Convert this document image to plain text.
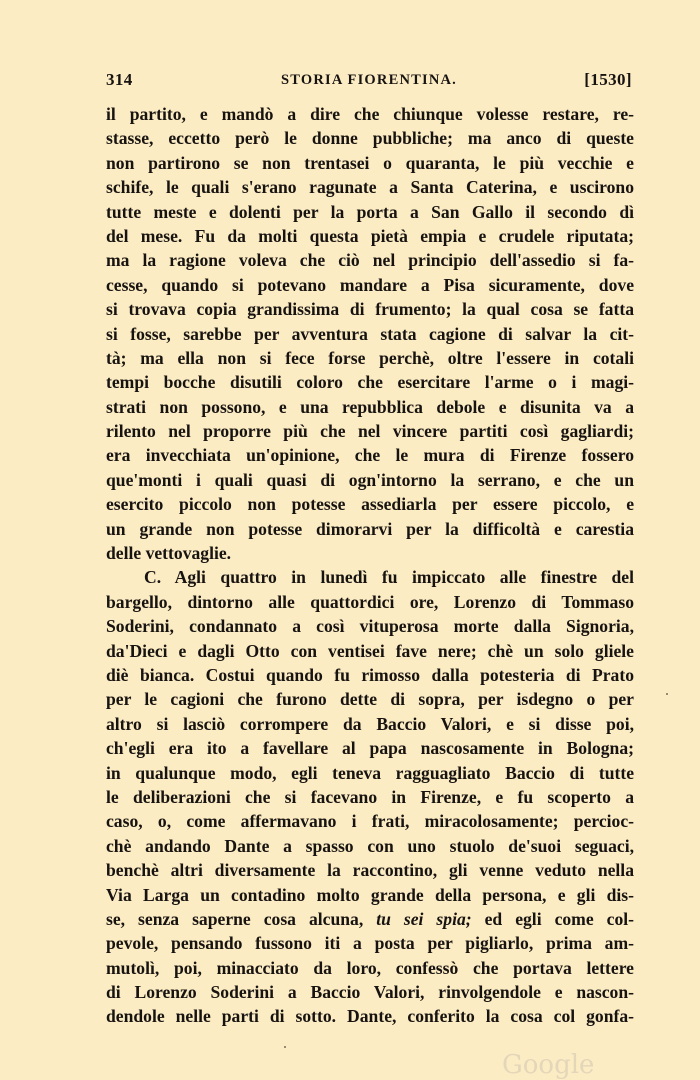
314	STORIA FIORENTINA.	[1530]
il partito, e mandò a dire che chiunque volesse restare, re-
stasse, eccetto però le donne pubbliche; ma anco di queste
non partirono se non trentasei o quaranta, le più vecchie e
schife, le quali s'erano ragunate a Santa Caterina, e uscirono
tutte meste e dolenti per la porta a San Gallo il secondo dì
del mese. Fu da molti questa pietà empia e crudele riputata;
ma la ragione voleva che ciò nel principio dell'assedio si fa-
cesse, quando si potevano mandare a Pisa sicuramente, dove
si trovava copia grandissima di frumento; la qual cosa se fatta
si fosse, sarebbe per avventura stata cagione di salvar la cit-
tà; ma ella non si fece forse perchè, oltre l'essere in cotali
tempi bocche disutili coloro che esercitare l'arme o i magi-
strati non possono, e una repubblica debole e disunita va a
rilento nel proporre più che nel vincere partiti così gagliardi;
era invecchiata un'opinione, che le mura di Firenze fossero
que'monti i quali quasi di ogn'intorno la serrano, e che un
esercito piccolo non potesse assediarla per essere piccolo, e
un grande non potesse dimorarvi per la difficoltà e carestia
delle vettovaglie.
C. Agli quattro in lunedì fu impiccato alle finestre del
bargello, dintorno alle quattordici ore, Lorenzo di Tommaso
Soderini, condannato a così vituperosa morte dalla Signoria,
da'Dieci e dagli Otto con ventisei fave nere; chè un solo gliele
diè bianca. Costui quando fu rimosso dalla potesteria di Prato
per le cagioni che furono dette di sopra, per isdegno o per
altro si lasciò corrompere da Baccio Valori, e si disse poi,
ch'egli era ito a favellare al papa nascosamente in Bologna;
in qualunque modo, egli teneva ragguagliato Baccio di tutte
le deliberazioni che si facevano in Firenze, e fu scoperto a
caso, o, come affermavano i frati, miracolosamente; percioc-
chè andando Dante a spasso con uno stuolo de'suoi seguaci,
benchè altri diversamente la raccontino, gli venne veduto nella
Via Larga un contadino molto grande della persona, e gli dis-
se, senza saperne cosa alcuna, tu sei spia; ed egli come col-
pevole, pensando fussono iti a posta per pigliarlo, prima am-
mutolì, poi, minacciato da loro, confessò che portava lettere
di Lorenzo Soderini a Baccio Valori, rinvolgendole e nascon-
dendole nelle parti di sotto. Dante, conferito la cosa col gonfa-
Google
